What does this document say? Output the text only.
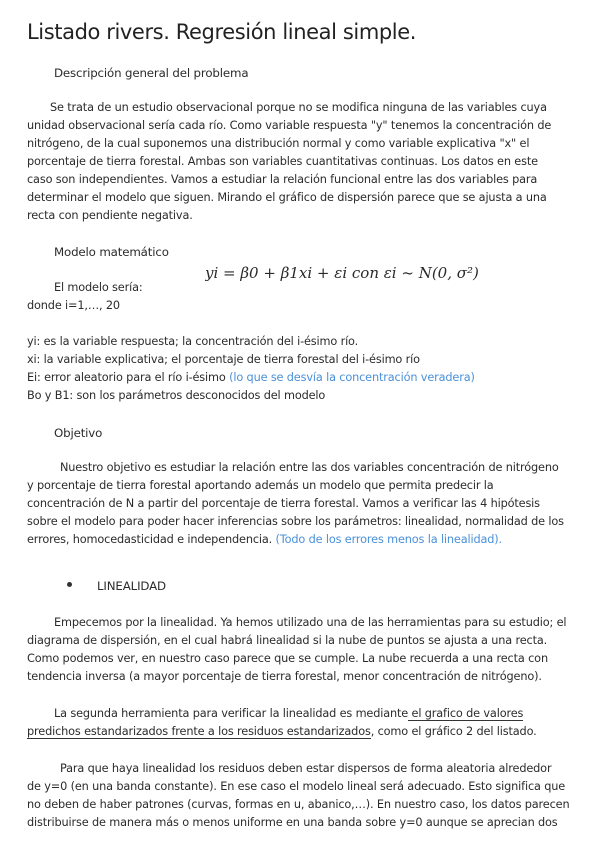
Listado rivers. Regresión lineal simple.
Descripción general del problema
Se trata de un estudio observacional porque no se modifica ninguna de las variables cuya
unidad observacional sería cada río. Como variable respuesta "y" tenemos la concentración de
nitrógeno, de la cual suponemos una distribución normal y como variable explicativa "x" el
porcentaje de tierra forestal. Ambas son variables cuantitativas continuas. Los datos en este
caso son independientes. Vamos a estudiar la relación funcional entre las dos variables para
determinar el modelo que siguen. Mirando el gráfico de dispersión parece que se ajusta a una
recta con pendiente negativa.
Modelo matemático
yi = β0 + β1xi + εi con εi ~ N(0, σ²)
El modelo sería:
donde i=1,…, 20
yi: es la variable respuesta; la concentración del i-ésimo río.
xi: la variable explicativa; el porcentaje de tierra forestal del i-ésimo río
Ei: error aleatorio para el río i-ésimo (lo que se desvía la concentración veradera)
Bo y B1: son los parámetros desconocidos del modelo
Objetivo
Nuestro objetivo es estudiar la relación entre las dos variables concentración de nitrógeno
y porcentaje de tierra forestal aportando además un modelo que permita predecir la
concentración de N a partir del porcentaje de tierra forestal. Vamos a verificar las 4 hipótesis
sobre el modelo para poder hacer inferencias sobre los parámetros: linealidad, normalidad de los
errores, homocedasticidad e independencia. (Todo de los errores menos la linealidad).
LINEALIDAD
Empecemos por la linealidad. Ya hemos utilizado una de las herramientas para su estudio; el
diagrama de dispersión, en el cual habrá linealidad si la nube de puntos se ajusta a una recta.
Como podemos ver, en nuestro caso parece que se cumple. La nube recuerda a una recta con
tendencia inversa (a mayor porcentaje de tierra forestal, menor concentración de nitrógeno).
La segunda herramienta para verificar la linealidad es mediante el grafico de valores
predichos estandarizados frente a los residuos estandarizados, como el gráfico 2 del listado.
Para que haya linealidad los residuos deben estar dispersos de forma aleatoria alrededor
de y=0 (en una banda constante). En ese caso el modelo lineal será adecuado. Esto significa que
no deben de haber patrones (curvas, formas en u, abanico,…). En nuestro caso, los datos parecen
distribuirse de manera más o menos uniforme en una banda sobre y=0 aunque se aprecian dos
